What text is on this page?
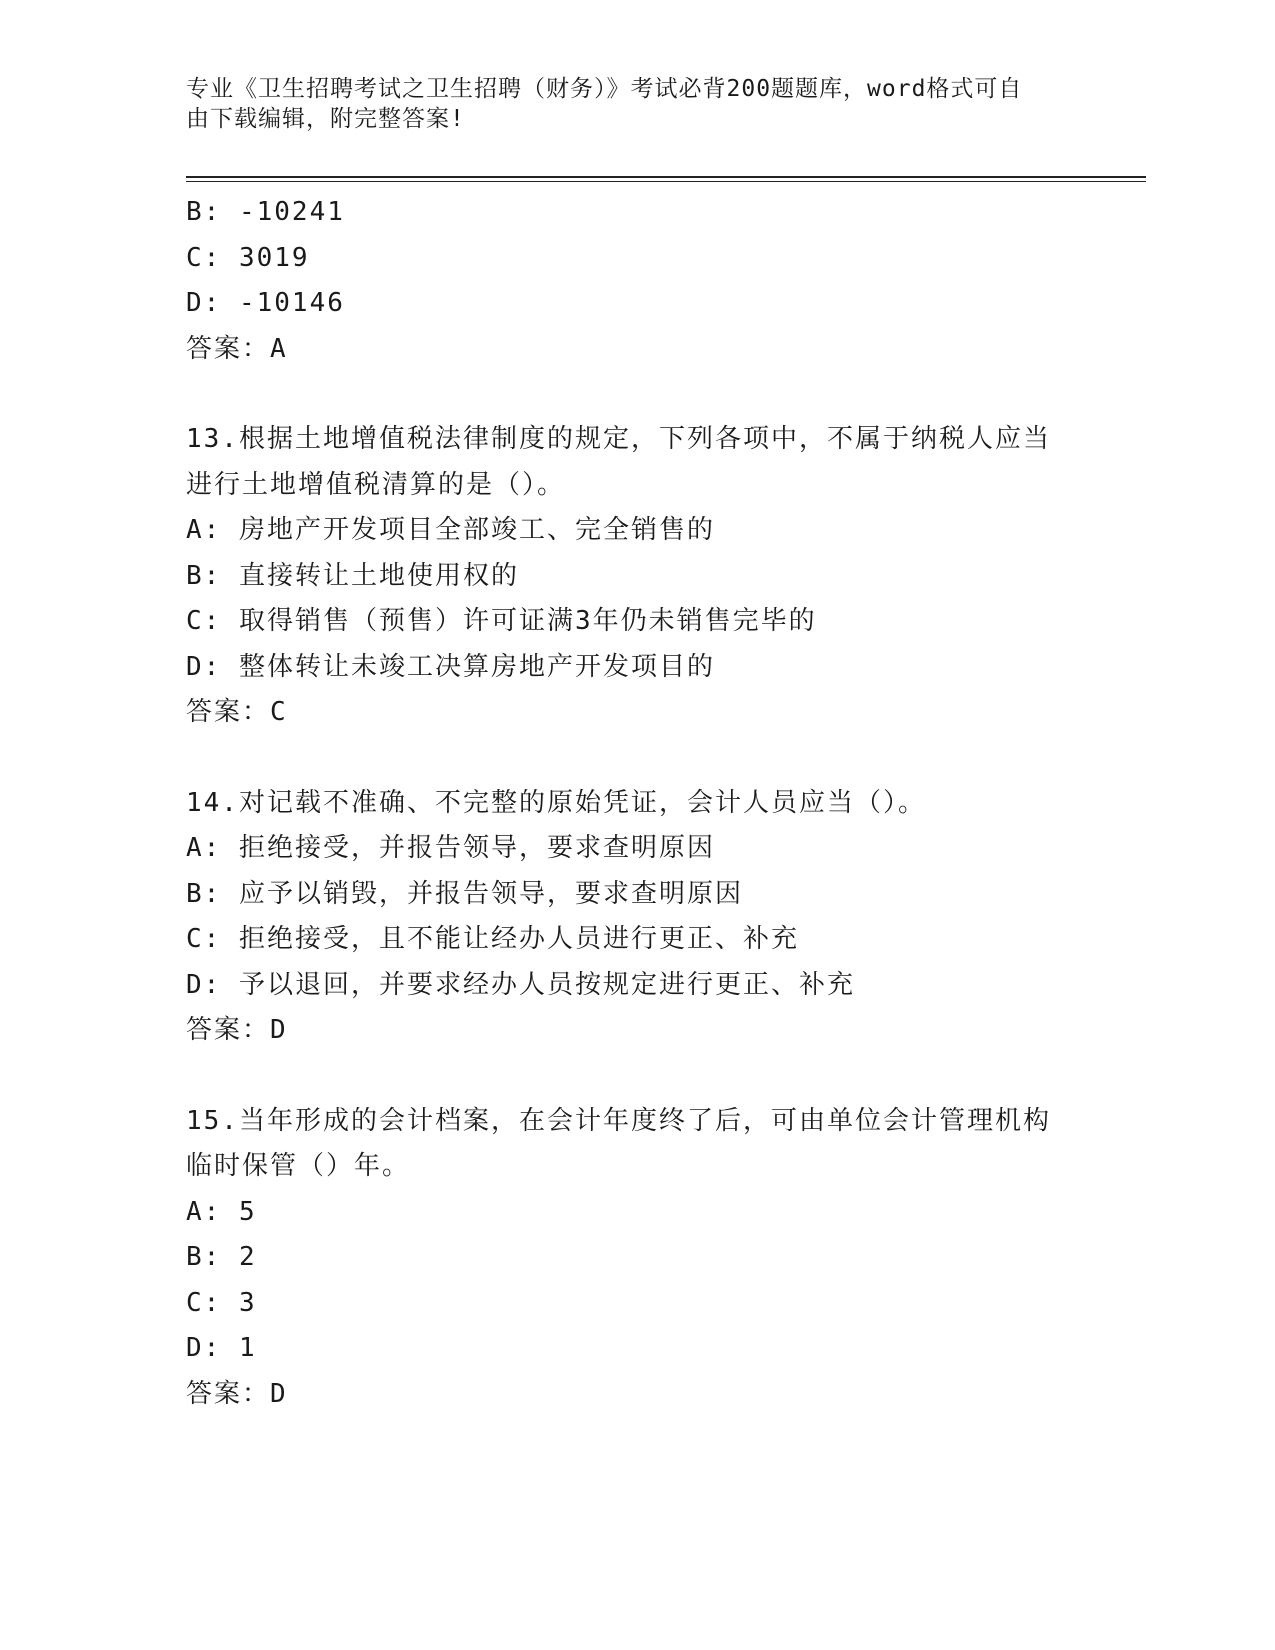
专业《卫生招聘考试之卫生招聘（财务）》考试必背200题题库，word格式可自
由下载编辑，附完整答案!
B: -10241
C: 3019
D: -10146
答案：A
13.根据土地增值税法律制度的规定，下列各项中，不属于纳税人应当
进行土地增值税清算的是（）。
A: 房地产开发项目全部竣工、完全销售的
B: 直接转让土地使用权的
C: 取得销售（预售）许可证满3年仍未销售完毕的
D: 整体转让未竣工决算房地产开发项目的
答案：C
14.对记载不准确、不完整的原始凭证，会计人员应当（）。
A: 拒绝接受，并报告领导，要求查明原因
B: 应予以销毁，并报告领导，要求查明原因
C: 拒绝接受，且不能让经办人员进行更正、补充
D: 予以退回，并要求经办人员按规定进行更正、补充
答案：D
15.当年形成的会计档案，在会计年度终了后，可由单位会计管理机构
临时保管（）年。
A: 5
B: 2
C: 3
D: 1
答案：D
